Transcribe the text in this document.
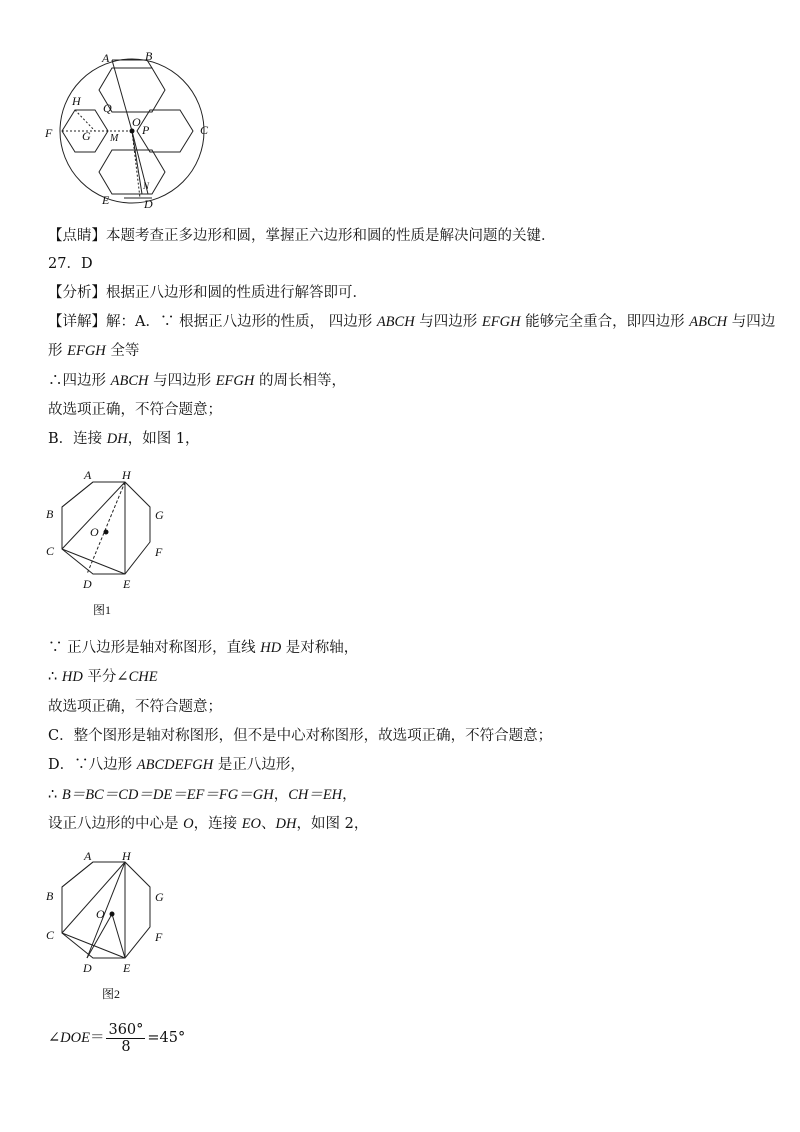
A	B
H Q
F G M
O
P	C
N
E	D
【点睛】本题考查正多边形和圆，掌握正六边形和圆的性质是解决问题的关键．
27．D
【分析】根据正八边形和圆的性质进行解答即可．
【详解】解：A．∵ 根据正八边形的性质， 四边形 ABCH 与四边形 EFGH 能够完全重合，即四边形 ABCH 与四边
形 EFGH 全等
∴四边形 ABCH 与四边形 EFGH 的周长相等，
故选项正确，不符合题意；
B．连接 DH，如图 1，
A	H
B	G
O
C	F
D	E
图1
∵ 正八边形是轴对称图形，直线 HD 是对称轴，
∴ HD 平分∠CHE
故选项正确，不符合题意；
C．整个图形是轴对称图形，但不是中心对称图形，故选项正确，不符合题意；
D．∵八边形 ABCDEFGH 是正八边形，
∴ B＝BC＝CD＝DE＝EF＝FG＝GH，CH＝EH，
设正八边形的中心是 O，连接 EO、DH，如图 2，
A	H
B	G
O
C	F
D	E
图2
∠DOE＝ $\frac{360^\circ}{8} =45^\circ$
